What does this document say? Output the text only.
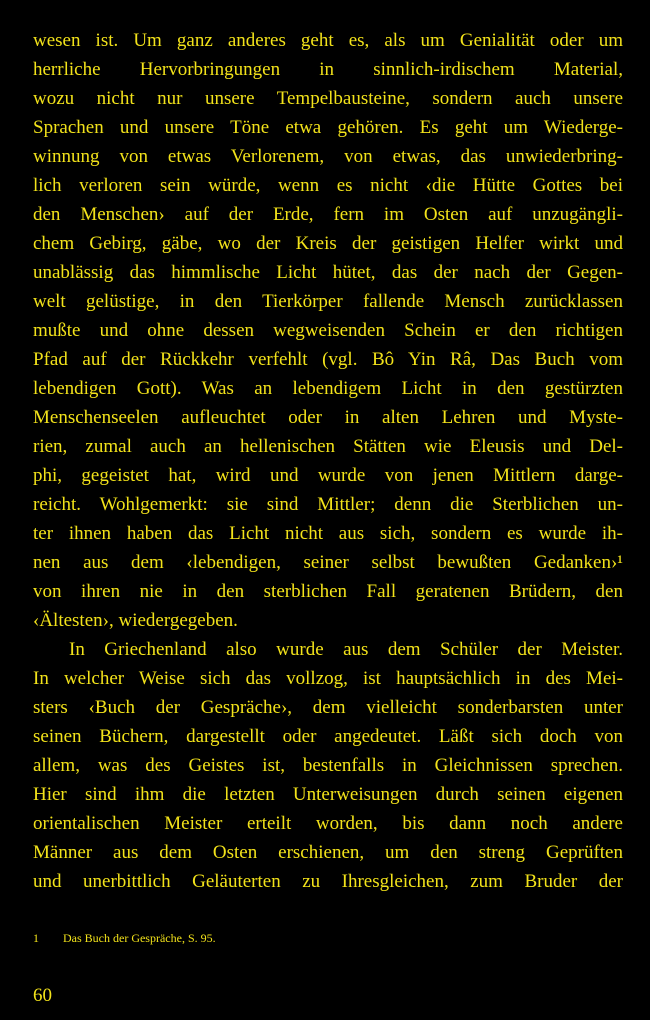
wesen ist. Um ganz anderes geht es, als um Genialität oder um
herrliche Hervorbringungen in sinnlich-irdischem Material,
wozu nicht nur unsere Tempelbausteine, sondern auch unsere
Sprachen und unsere Töne etwa gehören. Es geht um Wiederge-
winnung von etwas Verlorenem, von etwas, das unwiederbring-
lich verloren sein würde, wenn es nicht ‹die Hütte Gottes bei
den Menschen› auf der Erde, fern im Osten auf unzugängli-
chem Gebirg, gäbe, wo der Kreis der geistigen Helfer wirkt und
unablässig das himmlische Licht hütet, das der nach der Gegen-
welt gelüstige, in den Tierkörper fallende Mensch zurücklassen
mußte und ohne dessen wegweisenden Schein er den richtigen
Pfad auf der Rückkehr verfehlt (vgl. Bô Yin Râ, Das Buch vom
lebendigen Gott). Was an lebendigem Licht in den gestürzten
Menschenseelen aufleuchtet oder in alten Lehren und Myste-
rien, zumal auch an hellenischen Stätten wie Eleusis und Del-
phi, gegeistet hat, wird und wurde von jenen Mittlern darge-
reicht. Wohlgemerkt: sie sind Mittler; denn die Sterblichen un-
ter ihnen haben das Licht nicht aus sich, sondern es wurde ih-
nen aus dem ‹lebendigen, seiner selbst bewußten Gedanken›¹
von ihren nie in den sterblichen Fall geratenen Brüdern, den
‹Ältesten›, wiedergegeben.
In Griechenland also wurde aus dem Schüler der Meister.
In welcher Weise sich das vollzog, ist hauptsächlich in des Mei-
sters ‹Buch der Gespräche›, dem vielleicht sonderbarsten unter
seinen Büchern, dargestellt oder angedeutet. Läßt sich doch von
allem, was des Geistes ist, bestenfalls in Gleichnissen sprechen.
Hier sind ihm die letzten Unterweisungen durch seinen eigenen
orientalischen Meister erteilt worden, bis dann noch andere
Männer aus dem Osten erschienen, um den streng Geprüften
und unerbittlich Geläuterten zu Ihresgleichen, zum Bruder der
1 Das Buch der Gespräche, S. 95.
60
